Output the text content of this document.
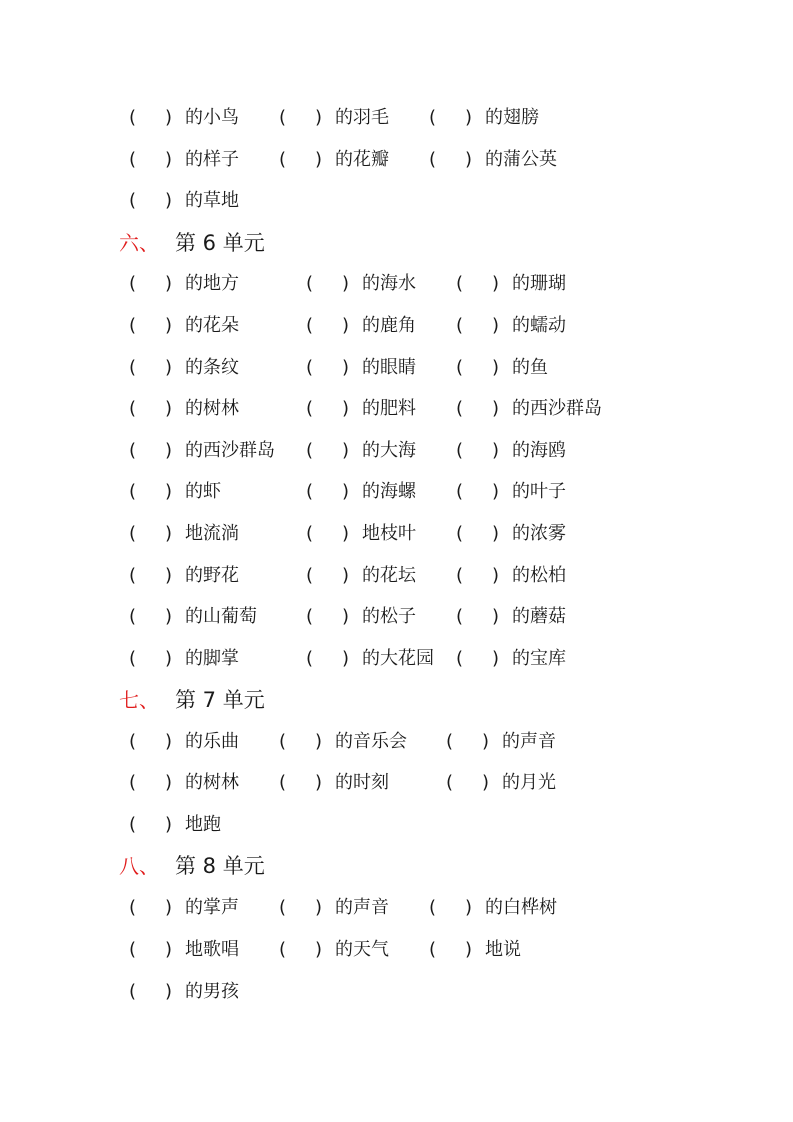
( ) 的小鸟 ( ) 的羽毛 ( ) 的翅膀
( ) 的样子 ( ) 的花瓣 ( ) 的蒲公英
( ) 的草地
六、 第 6 单元
( ) 的地方	( ) 的海水 ( ) 的珊瑚
( ) 的花朵	( ) 的鹿角 ( ) 的蠕动
( ) 的条纹	( ) 的眼睛 ( ) 的鱼
( ) 的树林	( ) 的肥料 ( ) 的西沙群岛
( ) 的西沙群岛 ( ) 的大海 ( ) 的海鸥
( ) 的虾	( ) 的海螺 ( ) 的叶子
( ) 地流淌	( ) 地枝叶 ( ) 的浓雾
( ) 的野花	( ) 的花坛 ( ) 的松柏
( ) 的山葡萄	( ) 的松子 ( ) 的蘑菇
( ) 的脚掌	( ) 的大花园 ( ) 的宝库
七、 第 7 单元
( ) 的乐曲 ( ) 的音乐会 ( ) 的声音
( ) 的树林 ( ) 的时刻	( ) 的月光
( ) 地跑
八、 第 8 单元
( ) 的掌声 ( ) 的声音 ( ) 的白桦树
( ) 地歌唱 ( ) 的天气 ( ) 地说
( ) 的男孩
